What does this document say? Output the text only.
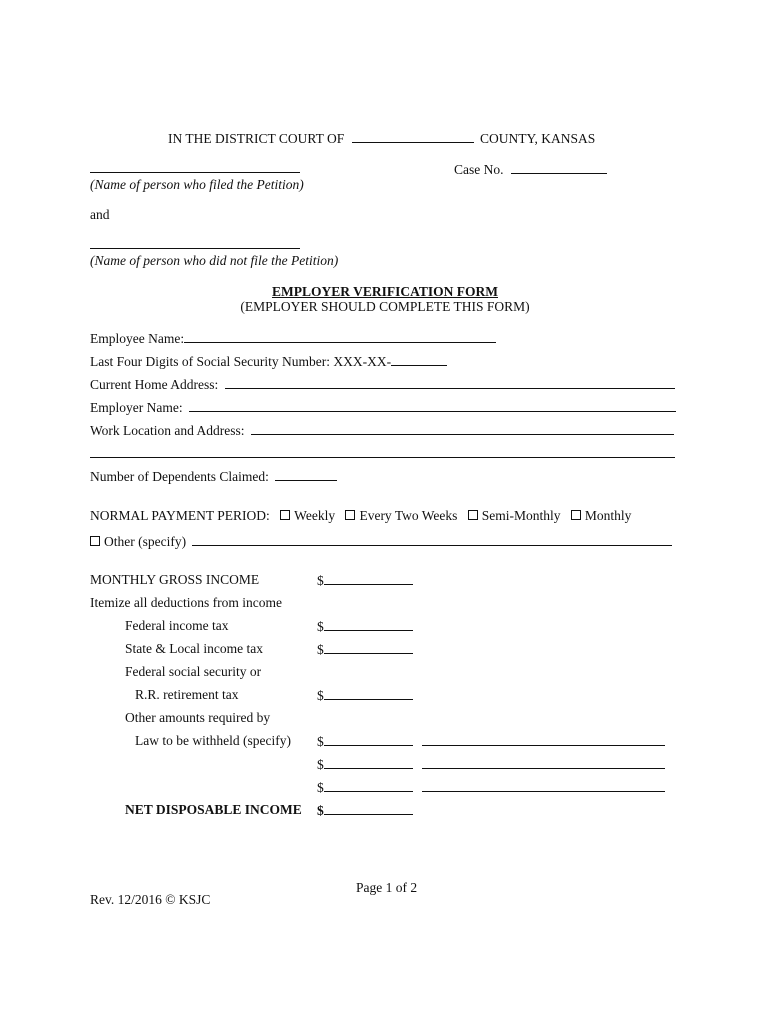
IN THE DISTRICT COURT OF	COUNTY, KANSAS
Case No.
(Name of person who filed the Petition)
and
(Name of person who did not file the Petition)
EMPLOYER VERIFICATION FORM
(EMPLOYER SHOULD COMPLETE THIS FORM)
Employee Name:
Last Four Digits of Social Security Number: XXX-XX-
Current Home Address:
Employer Name:
Work Location and Address:
Number of Dependents Claimed:
NORMAL PAYMENT PERIOD: Weekly Every Two Weeks Semi-Monthly Monthly
Other (specify)
MONTHLY GROSS INCOME	$
Itemize all deductions from income
Federal income tax	$
State & Local income tax	$
Federal social security or
R.R. retirement tax	$
Other amounts required by
Law to be withheld (specify) $
$
$
NET DISPOSABLE INCOME $
Page 1 of 2
Rev. 12/2016 © KSJC
